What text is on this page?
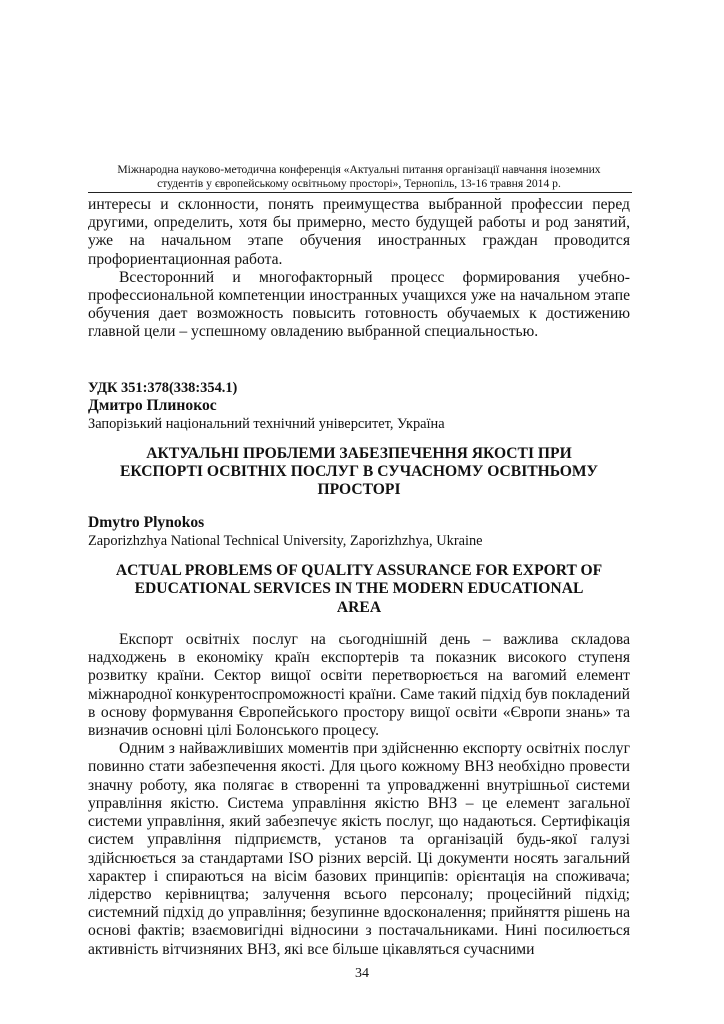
Міжнародна науково-методична конференція «Актуальні питання організації навчання іноземних
студентів у європейському освітньому просторі», Тернопіль, 13-16 травня 2014 р.

интересы и склонности, понять преимущества выбранной профессии перед другими, определить, хотя бы примерно, место будущей работы и род занятий, уже на начальном этапе обучения иностранных граждан проводится профориентационная работа.

Всесторонний и многофакторный процесс формирования учебно-профессиональной компетенции иностранных учащихся уже на начальном этапе обучения дает возможность повысить готовность обучаемых к достижению главной цели – успешному овладению выбранной специальностью.

УДК 351:378(338:354.1)

Дмитро Плинокос

Запорізький національний технічний університет, Україна

АКТУАЛЬНІ ПРОБЛЕМИ ЗАБЕЗПЕЧЕННЯ ЯКОСТІ ПРИ
ЕКСПОРТІ ОСВІТНІХ ПОСЛУГ В СУЧАСНОМУ ОСВІТНЬОМУ
ПРОСТОРІ

Dmytro Plynokos

Zaporizhzhya National Technical University, Zaporizhzhya, Ukraine

ACTUAL PROBLEMS OF QUALITY ASSURANCE FOR EXPORT OF
EDUCATIONAL SERVICES IN THE MODERN EDUCATIONAL
AREA

Експорт освітніх послуг на сьогоднішній день – важлива складова надходжень в економіку країн експортерів та показник високого ступеня розвитку країни. Сектор вищої освіти перетворюється на вагомий елемент міжнародної конкурентоспроможності країни. Саме такий підхід був покладений в основу формування Європейського простору вищої освіти «Європи знань» та визначив основні цілі Болонського процесу.

Одним з найважливіших моментів при здійсненню експорту освітніх послуг повинно стати забезпечення якості. Для цього кожному ВНЗ необхідно провести значну роботу, яка полягає в створенні та упровадженні внутрішньої системи управління якістю. Система управління якістю ВНЗ – це елемент загальної системи управління, який забезпечує якість послуг, що надаються. Сертифікація систем управління підприємств, установ та організацій будь-якої галузі здійснюється за стандартами ISO різних версій. Ці документи носять загальний характер і спираються на вісім базових принципів: орієнтація на споживача; лідерство керівництва; залучення всього персоналу; процесійний підхід; системний підхід до управління; безупинне вдосконалення; прийняття рішень на основі фактів; взаємовигідні відносини з постачальниками. Нині посилюється активність вітчизняних ВНЗ, які все більше цікавляться сучасними

34
